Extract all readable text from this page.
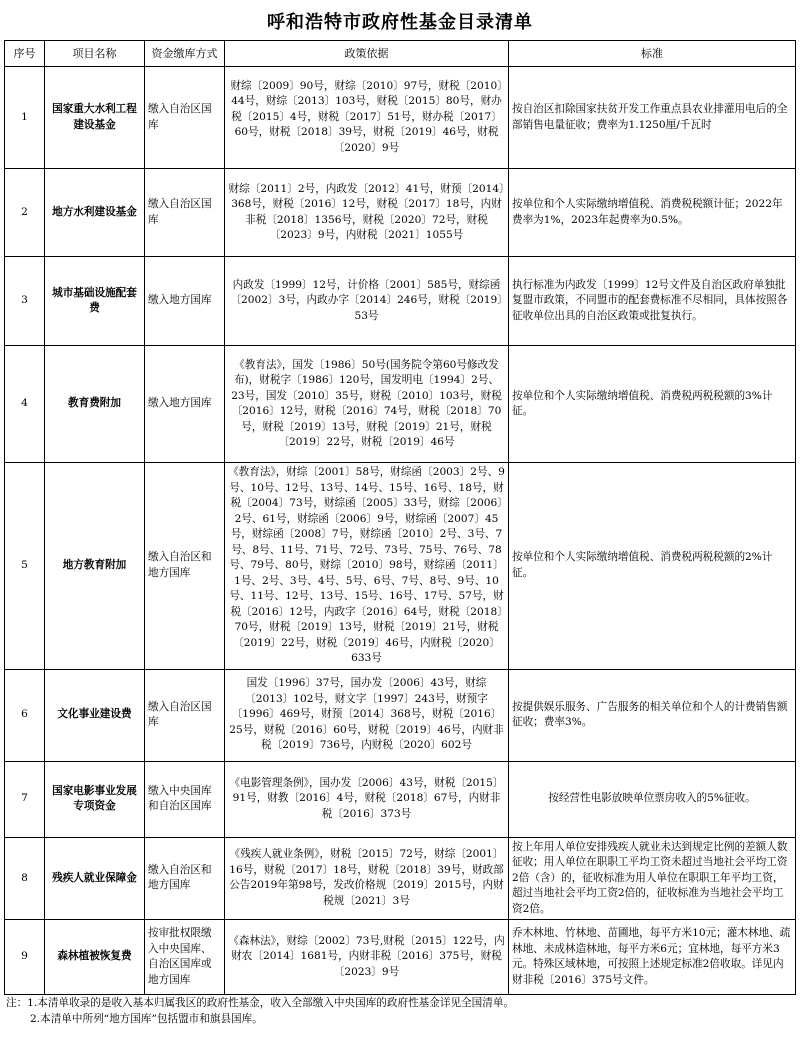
呼和浩特市政府性基金目录清单
序号	项目名称	资金缴库方式	政策依据	标准
1	国家重大水利工程建设基金	缴入自治区国库	财综〔2009〕90号，财综〔2010〕97号，财税〔2010〕44号，财综〔2013〕103号，财税〔2015〕80号，财办税〔2015〕4号，财税〔2017〕51号，财办税〔2017〕60号，财税〔2018〕39号，财税〔2019〕46号，财税〔2020〕9号	按自治区扣除国家扶贫开发工作重点县农业排灌用电后的全部销售电量征收；费率为1.1250厘/千瓦时
2	地方水利建设基金	缴入自治区国库	财综〔2011〕2号，内政发〔2012〕41号，财预〔2014〕368号，财税〔2016〕12号，财税〔2017〕18号，内财非税〔2018〕1356号，财税〔2020〕72号，财税〔2023〕9号，内财税〔2021〕1055号	按单位和个人实际缴纳增值税、消费税税额计征；2022年费率为1%，2023年起费率为0.5%。
3	城市基础设施配套费	缴入地方国库	内政发〔1999〕12号，计价格〔2001〕585号，财综函〔2002〕3号，内政办字〔2014〕246号，财税〔2019〕53号	执行标准为内政发〔1999〕12号文件及自治区政府单独批复盟市政策，不同盟市的配套费标准不尽相同，具体按照各征收单位出具的自治区政策或批复执行。
4	教育费附加	缴入地方国库	《教育法》，国发〔1986〕50号(国务院令第60号修改发布)，财税字〔1986〕120号，国发明电〔1994〕2号、23号，国发〔2010〕35号，财税〔2010〕103号，财税〔2016〕12号，财税〔2016〕74号，财税〔2018〕70号，财税〔2019〕13号，财税〔2019〕21号，财税〔2019〕22号，财税〔2019〕46号	按单位和个人实际缴纳增值税、消费税两税税额的3%计征。
5	地方教育附加	缴入自治区和地方国库	《教育法》，财综〔2001〕58号，财综函〔2003〕2号、9号、10号、12号、13号、14号、15号、16号、18号，财税〔2004〕73号，财综函〔2005〕33号，财综〔2006〕2号、61号，财综函〔2006〕9号，财综函〔2007〕45号，财综函〔2008〕7号，财综函〔2010〕2号、3号、7号、8号、11号、71号、72号、73号、75号、76号、78号、79号、80号，财综〔2010〕98号，财综函〔2011〕1号、2号、3号、4号、5号、6号、7号、8号、9号、10号、11号、12号、13号、15号、16号、17号、57号，财税〔2016〕12号，内政字〔2016〕64号，财税〔2018〕70号，财税〔2019〕13号，财税〔2019〕21号，财税〔2019〕22号，财税〔2019〕46号，内财税〔2020〕633号	按单位和个人实际缴纳增值税、消费税两税税额的2%计征。
6	文化事业建设费	缴入自治区国库	国发〔1996〕37号，国办发〔2006〕43号，财综〔2013〕102号，财文字〔1997〕243号，财预字〔1996〕469号，财预〔2014〕368号，财税〔2016〕25号，财税〔2016〕60号，财税〔2019〕46号，内财非税〔2019〕736号，内财税〔2020〕602号	按提供娱乐服务、广告服务的相关单位和个人的计费销售额征收；费率3%。
7	国家电影事业发展专项资金	缴入中央国库和自治区国库	《电影管理条例》，国办发〔2006〕43号，财税〔2015〕91号，财教〔2016〕4号，财税〔2018〕67号，内财非税〔2016〕373号	按经营性电影放映单位票房收入的5%征收。
8	残疾人就业保障金	缴入自治区和地方国库	《残疾人就业条例》，财税〔2015〕72号，财综〔2001〕16号，财税〔2017〕18号，财税〔2018〕39号，财政部公告2019年第98号，发改价格规〔2019〕2015号，内财税规〔2021〕3号	按上年用人单位安排残疾人就业未达到规定比例的差额人数征收；用人单位在职职工平均工资未超过当地社会平均工资2倍（含）的，征收标准为用人单位在职职工年平均工资，超过当地社会平均工资2倍的，征收标准为当地社会平均工资2倍。
9	森林植被恢复费	按审批权限缴入中央国库、自治区国库或地方国库	《森林法》，财综〔2002〕73号,财税〔2015〕122号，内财农〔2014〕1681号，内财非税〔2016〕375号，财税〔2023〕9号	乔木林地、竹林地、苗圃地，每平方米10元；灌木林地、疏林地、未成林造林地，每平方米6元；宜林地，每平方米3元。特殊区域林地，可按照上述规定标准2倍收取。详见内财非税〔2016〕375号文件。
注：1.本清单收录的是收入基本归属我区的政府性基金，收入全部缴入中央国库的政府性基金详见全国清单。
2.本清单中所列“地方国库”包括盟市和旗县国库。
